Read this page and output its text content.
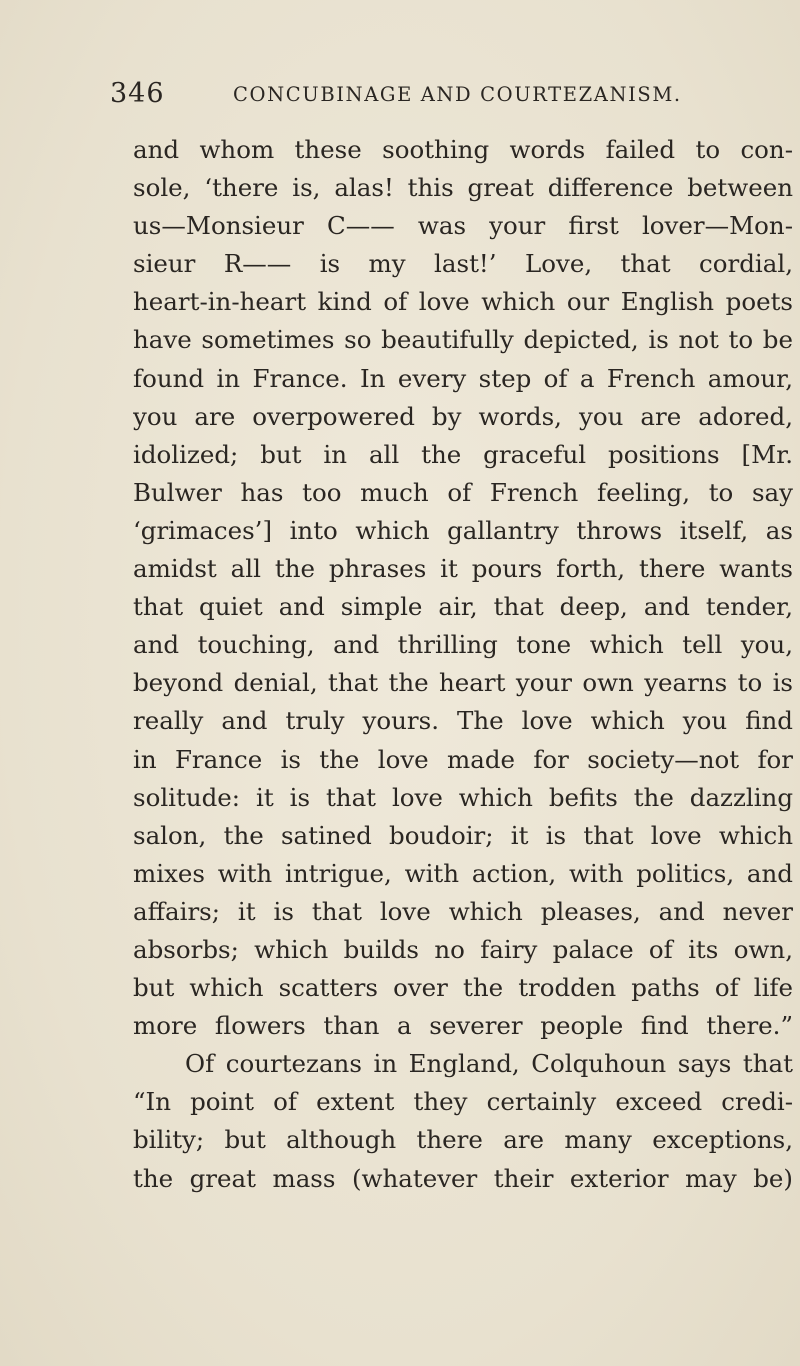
346	CONCUBINAGE AND COURTEZANISM.
and whom these soothing words failed to con-
sole, ‘there is, alas! this great difference between
us—Monsieur C—— was your first lover—Mon-
sieur R—— is my last!’ Love, that cordial,
heart-in-heart kind of love which our English poets
have sometimes so beautifully depicted, is not to be
found in France. In every step of a French amour,
you are overpowered by words, you are adored,
idolized; but in all the graceful positions [Mr.
Bulwer has too much of French feeling, to say
‘grimaces’] into which gallantry throws itself, as
amidst all the phrases it pours forth, there wants
that quiet and simple air, that deep, and tender,
and touching, and thrilling tone which tell you,
beyond denial, that the heart your own yearns to is
really and truly yours. The love which you find
in France is the love made for society—not for
solitude: it is that love which befits the dazzling
salon, the satined boudoir; it is that love which
mixes with intrigue, with action, with politics, and
affairs; it is that love which pleases, and never
absorbs; which builds no fairy palace of its own,
but which scatters over the trodden paths of life
more flowers than a severer people find there.”
Of courtezans in England, Colquhoun says that
“In point of extent they certainly exceed credi-
bility; but although there are many exceptions,
the great mass (whatever their exterior may be)
